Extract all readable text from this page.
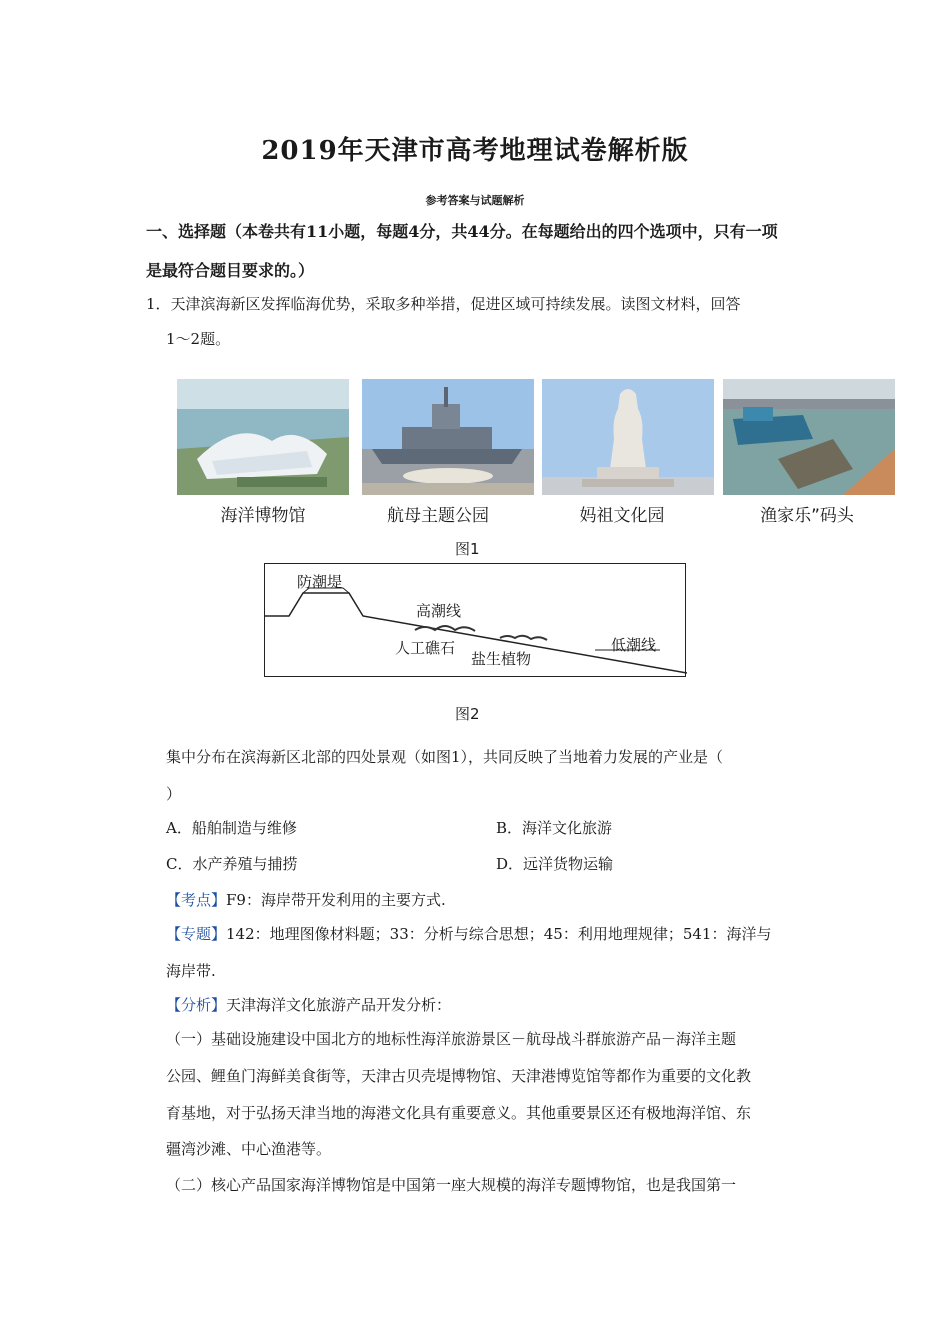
2019年天津市高考地理试卷解析版
参考答案与试题解析
一、选择题（本卷共有11小题，每题4分，共44分。在每题给出的四个选项中，只有一项
是最符合题目要求的。）
1．天津滨海新区发挥临海优势，采取多种举措，促进区域可持续发展。读图文材料，回答
1～2题。
海洋博物馆	航母主题公园	妈祖文化园	渔家乐”码头
图1
防潮堤
高潮线
人工礁石
盐生植物
低潮线
图2
集中分布在滨海新区北部的四处景观（如图1），共同反映了当地着力发展的产业是（
）
A．船舶制造与维修	B．海洋文化旅游
C．水产养殖与捕捞	D．远洋货物运输
【考点】F9：海岸带开发利用的主要方式.
【专题】142：地理图像材料题；33：分析与综合思想；45：利用地理规律；541：海洋与
海岸带.
【分析】天津海洋文化旅游产品开发分析：
（一）基础设施建设中国北方的地标性海洋旅游景区－航母战斗群旅游产品－海洋主题
公园、鲤鱼门海鲜美食街等，天津古贝壳堤博物馆、天津港博览馆等都作为重要的文化教
育基地，对于弘扬天津当地的海港文化具有重要意义。其他重要景区还有极地海洋馆、东
疆湾沙滩、中心渔港等。
（二）核心产品国家海洋博物馆是中国第一座大规模的海洋专题博物馆，也是我国第一
